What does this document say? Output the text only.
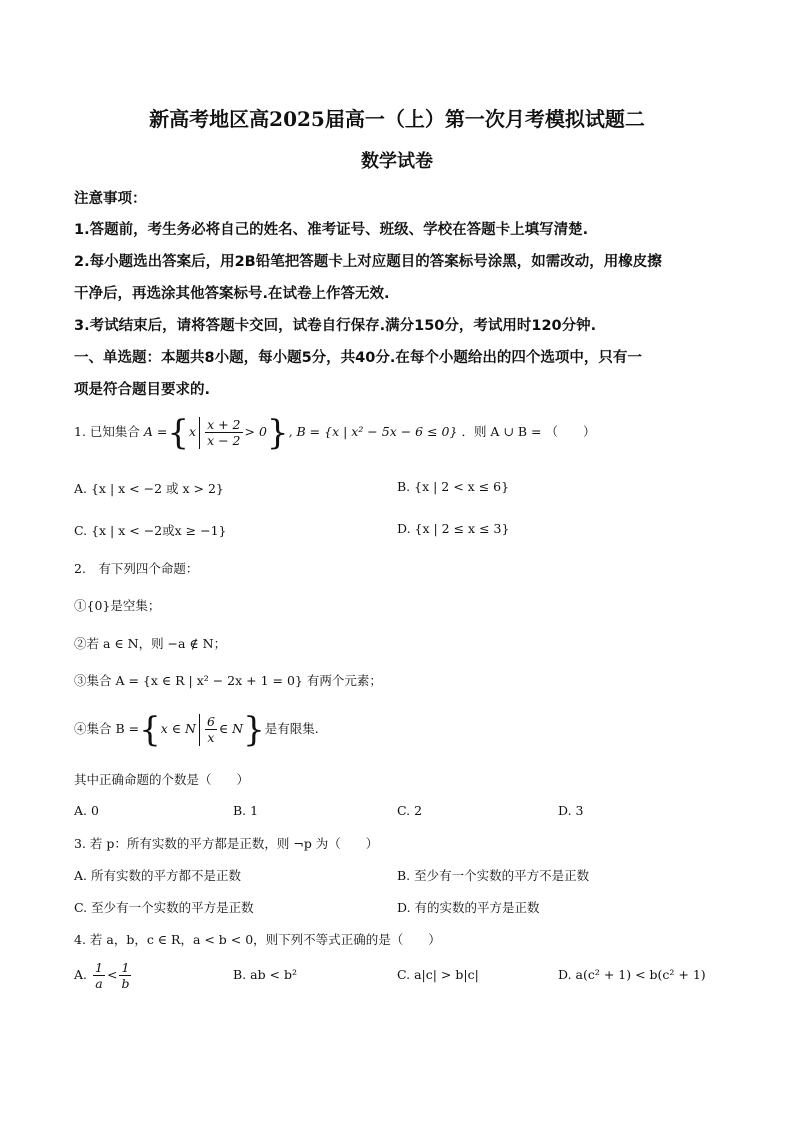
新高考地区高2025届高一（上）第一次月考模拟试题二
数学试卷
注意事项：
1.答题前，考生务必将自己的姓名、准考证号、班级、学校在答题卡上填写清楚.
2.每小题选出答案后，用2B铅笔把答题卡上对应题目的答案标号涂黑，如需改动，用橡皮擦
干净后，再选涂其他答案标号.在试卷上作答无效.
3.考试结束后，请将答题卡交回，试卷自行保存.满分150分，考试用时120分钟.
一、单选题：本题共8小题，每小题5分，共40分.在每个小题给出的四个选项中，只有一
项是符合题目要求的.
1. 已知集合 $A =\{x \frac{x + 2}{x - 2} > 0\}$, B = {x | x² − 5x − 6 ≤ 0} ．则 A ∪ B = （　　）
A. {x | x < −2 或 x > 2}	B. {x | 2 < x ≤ 6}
C. {x | x < −2或x ≥ −1}	D. {x | 2 ≤ x ≤ 3}
2.　有下列四个命题：
①{0}是空集；
②若 a ∈ N，则 −a ∉ N；
③集合 A = {x ∈ R | x² − 2x + 1 = 0} 有两个元素；
④集合 B ={x ∈ N $\frac{6}{x}$ ∈ N}是有限集.
其中正确命题的个数是（　　）
A. 0	B. 1	C. 2	D. 3
3. 若 p：所有实数的平方都是正数，则 ¬p 为（　　）
A. 所有实数的平方都不是正数	B. 至少有一个实数的平方不是正数
C. 至少有一个实数的平方是正数	D. 有的实数的平方是正数
4. 若 a，b，c ∈ R，a < b < 0，则下列不等式正确的是（　　）
A. $\frac{1}{a} < \frac{1}{b}$	B. ab < b²	C. a|c| > b|c|	D. a(c² + 1) < b(c² + 1)
